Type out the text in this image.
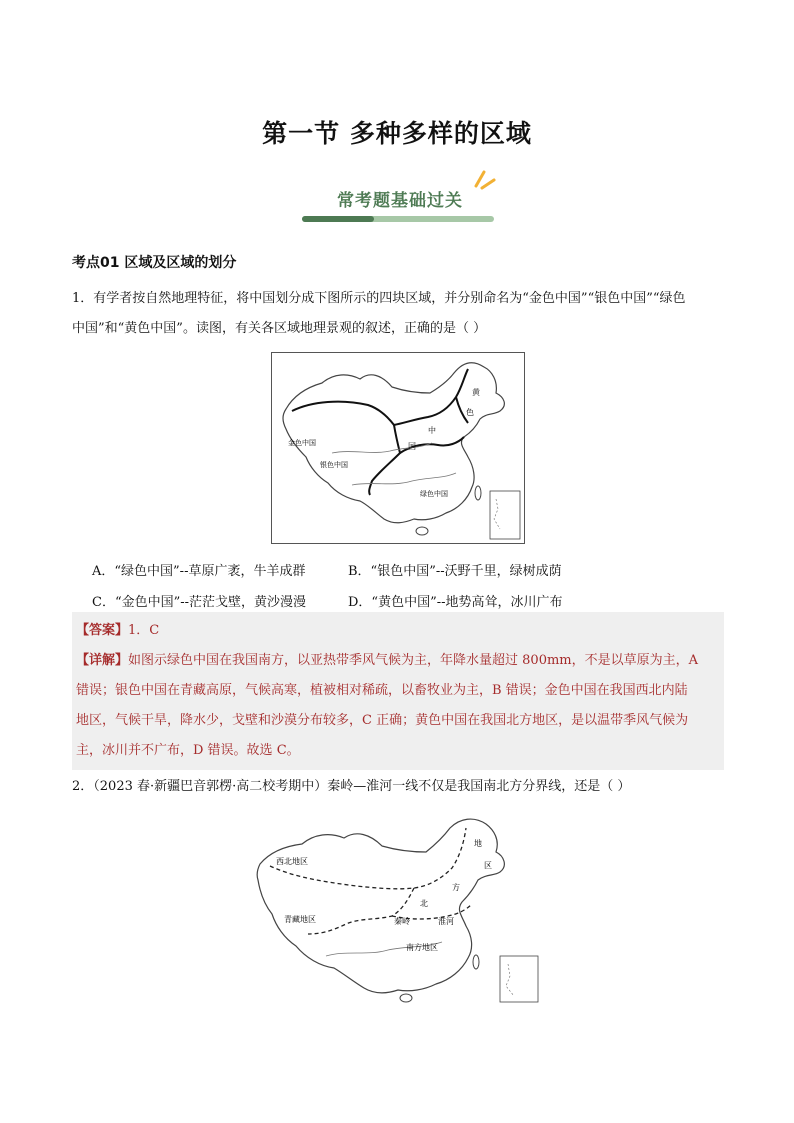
第一节 多种多样的区域
常考题基础过关
考点01 区域及区域的划分
1．有学者按自然地理特征，将中国划分成下图所示的四块区域，并分别命名为“金色中国”“银色中国”“绿色
中国”和“黄色中国”。读图，有关各区域地理景观的叙述，正确的是（ ）
金色中国
银色中国
绿色中国
黄
色
中
国
A．“绿色中国”--草原广袤，牛羊成群	B．“银色中国”--沃野千里，绿树成荫
C．“金色中国”--茫茫戈壁，黄沙漫漫	D．“黄色中国”--地势高耸，冰川广布
【答案】1．C
【详解】如图示绿色中国在我国南方，以亚热带季风气候为主，年降水量超过 800mm，不是以草原为主，A
错误；银色中国在青藏高原，气候高寒，植被相对稀疏，以畜牧业为主，B 错误；金色中国在我国西北内陆
地区，气候干旱，降水少，戈壁和沙漠分布较多，C 正确；黄色中国在我国北方地区，是以温带季风气候为
主，冰川并不广布，D 错误。故选 C。
2．（2023 春·新疆巴音郭楞·高二校考期中）秦岭—淮河一线不仅是我国南北方分界线，还是（ ）
西北地区
青藏地区
南方地区
秦岭	淮河
地
区
北
方
